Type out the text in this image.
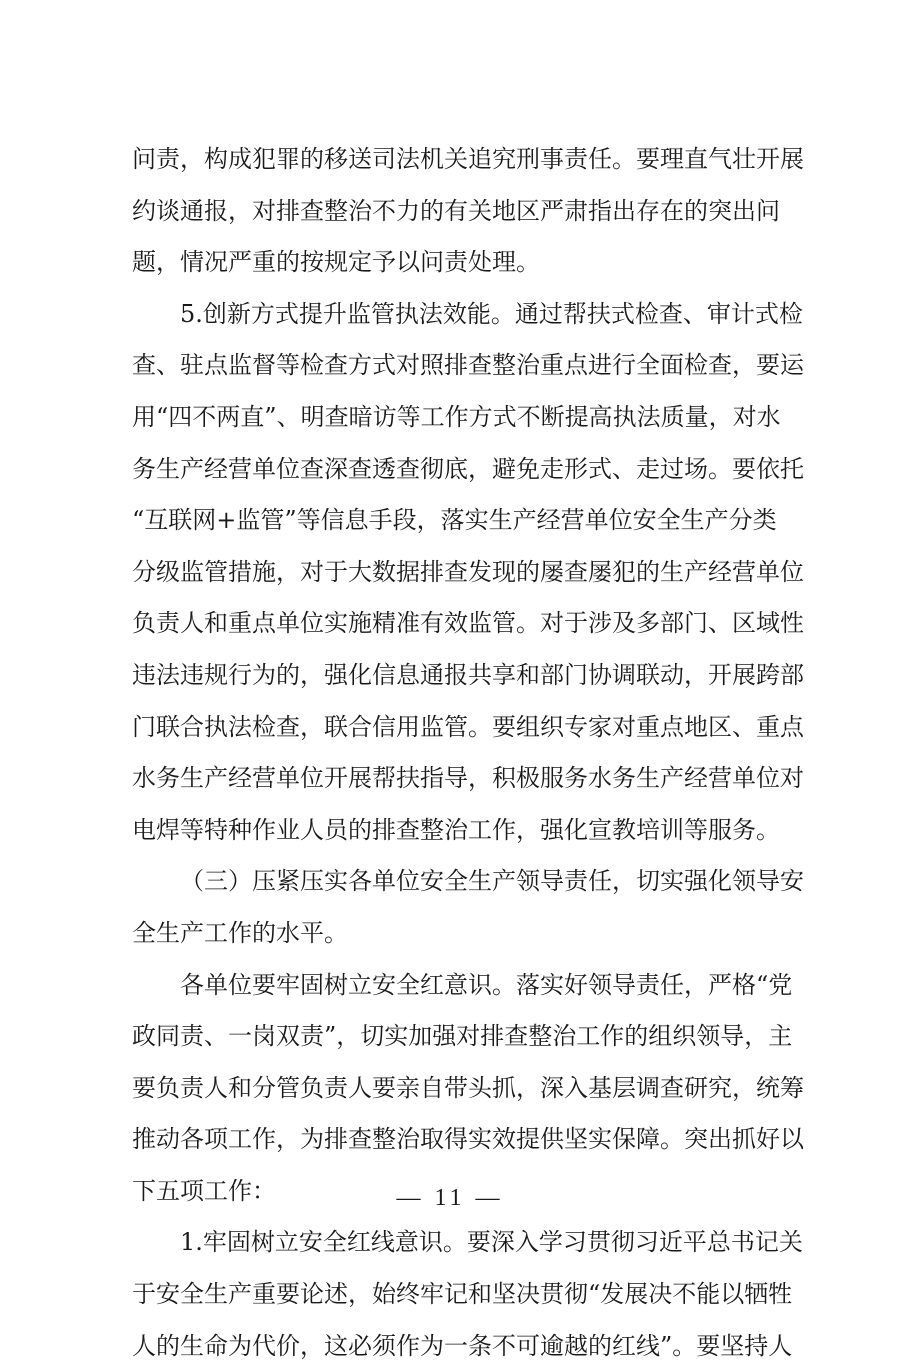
问 责 ， 构 成 犯 罪 的 移 送 司 法 机 关 追 究 刑 事 责 任 。 要 理 直 气 壮 开 展
约 谈 通 报 ， 对 排 查 整 治 不 力 的 有 关 地 区 严 肃 指 出 存 在 的 突 出 问
题 ， 情 况 严 重 的 按 规 定 予 以 问 责 处 理 。
5 . 创 新 方 式 提 升 监 管 执 法 效 能 。 通 过 帮 扶 式 检 查 、 审 计 式 检
查 、 驻 点 监 督 等 检 查 方 式 对 照 排 查 整 治 重 点 进 行 全 面 检 查 ， 要 运
用 “ 四 不 两 直 ” 、 明 查 暗 访 等 工 作 方 式 不 断 提 高 执 法 质 量 ， 对 水
务 生 产 经 营 单 位 查 深 查 透 查 彻 底 ， 避 免 走 形 式 、 走 过 场 。 要 依 托
“ 互 联 网 + 监 管 ” 等 信 息 手 段 ， 落 实 生 产 经 营 单 位 安 全 生 产 分 类
分 级 监 管 措 施 ， 对 于 大 数 据 排 查 发 现 的 屡 查 屡 犯 的 生 产 经 营 单 位
负 责 人 和 重 点 单 位 实 施 精 准 有 效 监 管 。 对 于 涉 及 多 部 门 、 区 域 性
违 法 违 规 行 为 的 ， 强 化 信 息 通 报 共 享 和 部 门 协 调 联 动 ， 开 展 跨 部
门 联 合 执 法 检 查 ， 联 合 信 用 监 管 。 要 组 织 专 家 对 重 点 地 区 、 重 点
水 务 生 产 经 营 单 位 开 展 帮 扶 指 导 ， 积 极 服 务 水 务 生 产 经 营 单 位 对
电 焊 等 特 种 作 业 人 员 的 排 查 整 治 工 作 ， 强 化 宣 教 培 训 等 服 务 。
（ 三 ） 压 紧 压 实 各 单 位 安 全 生 产 领 导 责 任 ， 切 实 强 化 领 导 安
全 生 产 工 作 的 水 平 。
各 单 位 要 牢 固 树 立 安 全 红 意 识 。 落 实 好 领 导 责 任 ， 严 格 “ 党
政 同 责 、 一 岗 双 责 ” ， 切 实 加 强 对 排 查 整 治 工 作 的 组 织 领 导 ， 主
要 负 责 人 和 分 管 负 责 人 要 亲 自 带 头 抓 ， 深 入 基 层 调 查 研 究 ， 统 筹
推 动 各 项 工 作 ， 为 排 查 整 治 取 得 实 效 提 供 坚 实 保 障 。 突 出 抓 好 以
下 五 项 工 作 ：
1 . 牢 固 树 立 安 全 红 线 意 识 。 要 深 入 学 习 贯 彻 习 近 平 总 书 记 关
于 安 全 生 产 重 要 论 述 ， 始 终 牢 记 和 坚 决 贯 彻 “ 发 展 决 不 能 以 牺 牲
人 的 生 命 为 代 价 ， 这 必 须 作 为 一 条 不 可 逾 越 的 红 线 ” 。 要 坚 持 人
— 11 —
